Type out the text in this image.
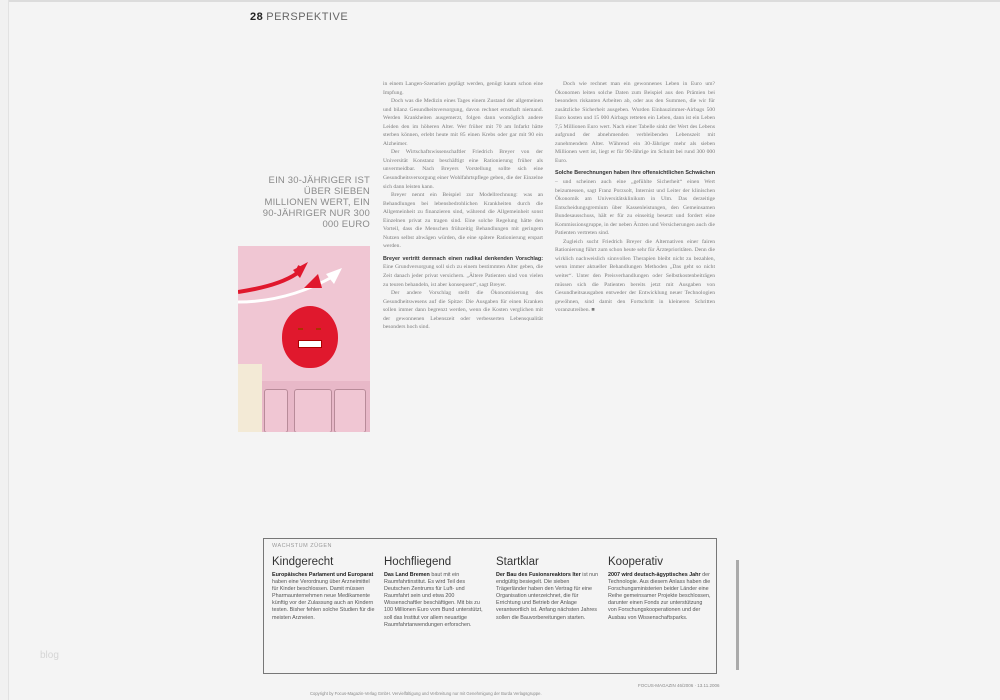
28 PERSPEKTIVE
EIN 30-JÄHRIGER IST ÜBER SIEBEN MILLIONEN WERT, EIN 90-JÄHRIGER NUR 300 000 EURO

in einem Langen-Szenarien geplägt werden, genügt kaum schon eine Impfung.

Doch was die Medizin eines Tages einem Zustand der allgemeinen und bilanz Gesundheitsversorgung, davon rechnet ernsthaft niemand. Werden Krankheiten ausgemerzt, folgen dann womöglich andere Leiden den im höheren Alter. Wer früher mit 70 am Infarkt hätte sterben können, erlebt heute mit 85 einen Krebs oder gar mit 90 ein Alzheimer.

Der Wirtschaftswissenschaftler Friedrich Breyer von der Universität Konstanz beschäftigt eine Rationierung früher als unvermeidbar. Nach Breyers Vorstellung sollte sich eine Gesundheitsversorgung einer Wohlfahrtspflege geben, die der Einzelne sich dann leisten kann.

Breyer nennt ein Beispiel zur Modellrechnung: was an Behandlungen bei lebensbedrohlichen Krankheiten durch die Allgemeinheit zu finanzieren sind, während die Allgemeinheit sonst Einzelnen privat zu tragen sind. Eine solche Regelung hätte den Vorteil, dass die Menschen frühzeitig Behandlungen mit geringem Nutzen selbst abwägen würden, die eine spätere Rationierung erspart werden.

Breyer vertritt demnach einen radikal denkenden Vorschlag: Eine Grundversorgung soll sich zu einem bestimmten Alter geben, die Zeit danach jeder privat versichern. „Ältere Patienten sind von vielen zu teuren behandeln, ist aber konsequent“, sagt Breyer.

Der andere Vorschlag stellt die Ökonomisierung des Gesundheitswesens auf die Spitze: Die Ausgaben für einen Kranken sollen immer dann begrenzt werden, wenn die Kosten verglichen mit der gewonnenen Lebenszeit oder verbesserten Lebensqualität besonders hoch sind.

Doch wie rechnet man ein gewonnenes Leben in Euro um? Ökonomen leiten solche Daten zum Beispiel aus den Prämien bei besonders riskanten Arbeiten ab, oder aus den Summen, die wir für zusätzliche Sicherheit ausgeben. Wurden Einbauzimmer-Airbags 500 Euro kosten und 15 000 Airbags retteten ein Leben, dann ist ein Leben 7,5 Millionen Euro wert. Nach einer Tabelle sinkt der Wert des Lebens aufgrund der abnehmenden verbleibenden Lebenszeit mit zunehmendem Alter. Während ein 30-Jähriger mehr als sieben Millionen wert ist, liegt er für 90-Jährige im Schnitt bei rund 300 000 Euro.

Solche Berechnungen haben ihre offensichtlichen Schwächen – und scheinen auch eine „gefühlte Sicherheit“ einen Wert beizumessen, sagt Franz Porzsolt, Internist und Leiter der klinischen Ökonomik am Universitätsklinikum in Ulm. Das derzeitige Entscheidungsgremium über Kassenleistungen, den Gemeinsamen Bundesausschuss, hält er für zu einseitig besetzt und fordert eine Kommissionsgruppe, in der neben Ärzten und Versicherungen auch die Patienten vertreten sind.

Zugleich sucht Friedrich Breyer die Alternativen einer fairen Rationierung führt zum schon heute sehr für Ärzteprioritäten. Denn die wirklich nachweislich sinnvollen Therapien bleibt nicht zu bezahlen, wenn immer aktueller Behandlungen Methoden „Das geht so nicht weiter“. Unter den Preisverhandlungen oder Selbstkostenbeiträgen müssen sich die Patienten bereits jetzt mit Ausgaben von Gesundheitsausgaben entweder der Entwicklung neuer Technologien gewöhnen, sind damit den Fortschritt in kleineren Schritten voranzutreiben. ■

WACHSTUM ZÜGEN
Kindgerecht
Europäisches Parlament und Europarat haben eine Verordnung über Arzneimittel für Kinder beschlossen. Damit müssen Pharmaunternehmen neue Medikamente künftig vor der Zulassung auch an Kindern testen. Bisher fehlen solche Studien für die meisten Arzneien.
Hochfliegend
Das Land Bremen baut mit ein Raumfahrtinstitut. Es wird Teil des Deutschen Zentrums für Luft- und Raumfahrt sein und etwa 200 Wissenschaftler beschäftigen. Mit bis zu 100 Millionen Euro vom Bund unterstützt, soll das Institut vor allem neuartige Raumfahrtanwendungen erforschen.
Startklar
Der Bau des Fusionsreaktors Iter ist nun endgültig besiegelt. Die sieben Trägerländer haben den Vertrag für eine Organisation unterzeichnet, die für Errichtung und Betrieb der Anlage verantwortlich ist. Anfang nächsten Jahres sollen die Bauvorbereitungen starten.
Kooperativ
2007 wird deutsch-ägyptisches Jahr der Technologie. Aus diesem Anlass haben die Forschungsministerien beider Länder eine Reihe gemeinsamer Projekte beschlossen, darunter einen Fonds zur unterstützung von Forschungskooperationen und der Ausbau von Wissenschaftsparks.
FOCUS-MAGAZIN 46/2006 · 13.11.2006
Copyright by Focus-Magazin-Verlag GmbH. Vervielfältigung und Verbreitung nur mit Genehmigung der Burda Verlagsgruppe.
blog
